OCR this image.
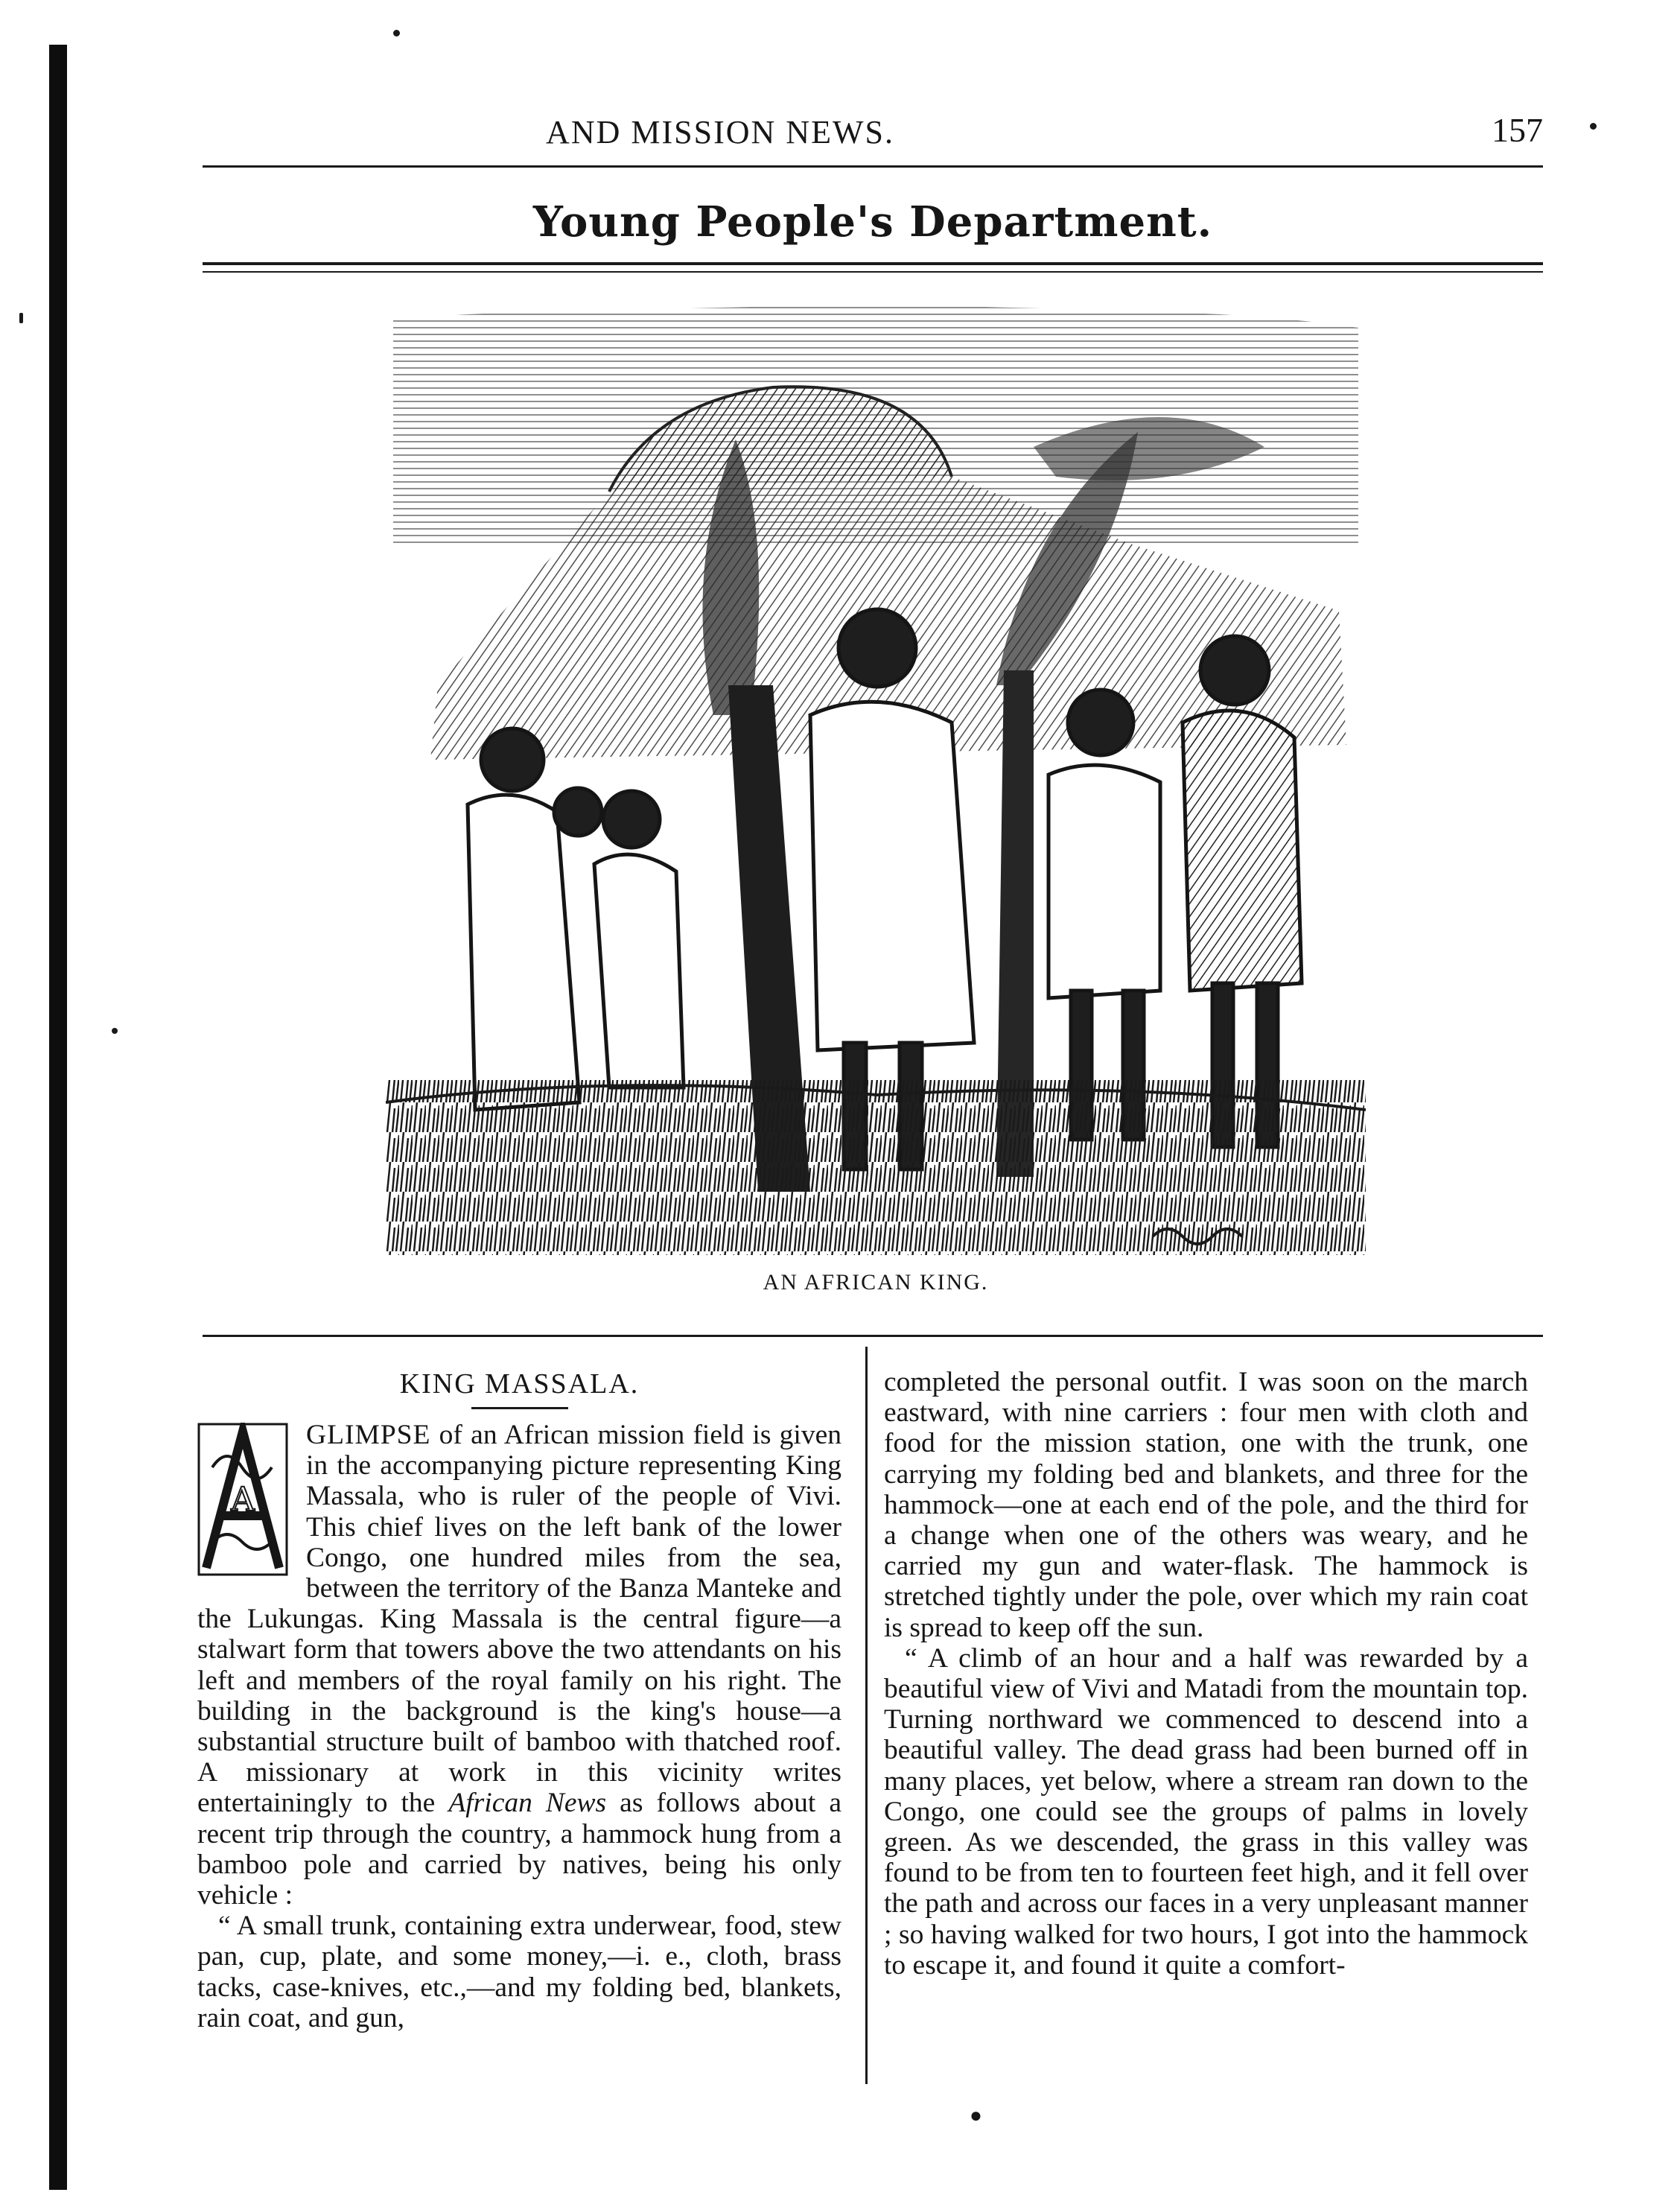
AND MISSION NEWS.	157
Young People's Department.
AN AFRICAN KING.
KING MASSALA.
A

GLIMPSE of an African mission field is given in the accompanying picture representing King Massala, who is ruler of the people of Vivi. This chief lives on the left bank of the lower Congo, one hundred miles from the sea, between the territory of the Banza Manteke and the Lukungas. King Massala is the central figure—a stalwart form that towers above the two attendants on his left and members of the royal family on his right. The building in the background is the king's house—a substantial structure built of bamboo with thatched roof. A missionary at work in this vicinity writes entertainingly to the African News as follows about a recent trip through the country, a hammock hung from a bamboo pole and carried by natives, being his only vehicle :

“ A small trunk, containing extra underwear, food, stew pan, cup, plate, and some money,—i. e., cloth, brass tacks, case-knives, etc.,—and my folding bed, blankets, rain coat, and gun,

completed the personal outfit. I was soon on the march eastward, with nine carriers : four men with cloth and food for the mission station, one with the trunk, one carrying my folding bed and blankets, and three for the hammock—one at each end of the pole, and the third for a change when one of the others was weary, and he carried my gun and water-flask. The hammock is stretched tightly under the pole, over which my rain coat is spread to keep off the sun.

“ A climb of an hour and a half was rewarded by a beautiful view of Vivi and Matadi from the mountain top. Turning northward we commenced to descend into a beautiful valley. The dead grass had been burned off in many places, yet below, where a stream ran down to the Congo, one could see the groups of palms in lovely green. As we descended, the grass in this valley was found to be from ten to fourteen feet high, and it fell over the path and across our faces in a very unpleasant manner ; so having walked for two hours, I got into the hammock to escape it, and found it quite a comfort-

●
